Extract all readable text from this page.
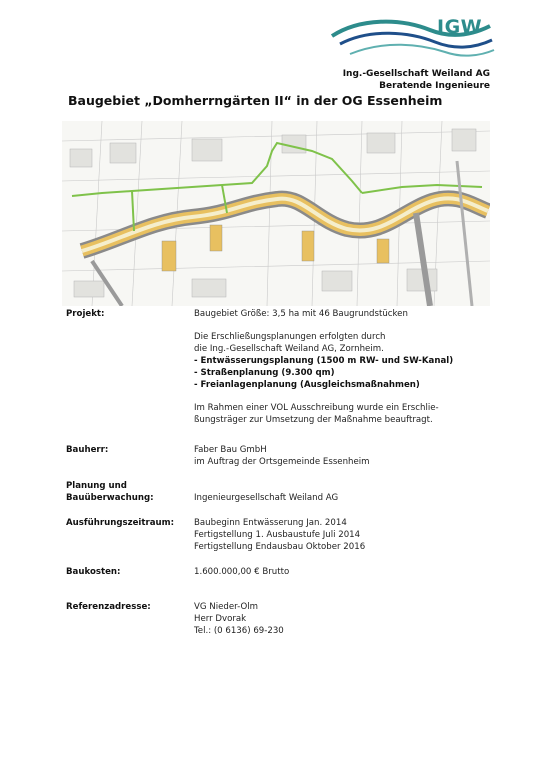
IGW
Ing.-Gesellschaft Weiland AG
Beratende Ingenieure
Baugebiet „Domherrngärten II“ in der OG Essenheim
Projekt:	Baugebiet Größe: 3,5 ha mit 46 Baugrundstücken
Die Erschließungsplanungen erfolgten durch
die Ing.-Gesellschaft Weiland AG, Zornheim.
- Entwässerungsplanung (1500 m RW- und SW-Kanal)
- Straßenplanung (9.300 qm)
- Freianlagenplanung (Ausgleichsmaßnahmen)
Im Rahmen einer VOL Ausschreibung wurde ein Erschlie-
ßungsträger zur Umsetzung der Maßnahme beauftragt.
Bauherr:	Faber Bau GmbH
im Auftrag der Ortsgemeinde Essenheim
Planung und
Bauüberwachung:	Ingenieurgesellschaft Weiland AG
Ausführungszeitraum: Baubeginn Entwässerung Jan. 2014
Fertigstellung 1. Ausbaustufe Juli 2014
Fertigstellung Endausbau Oktober 2016
Baukosten:	1.600.000,00 € Brutto
Referenzadresse:	VG Nieder-Olm
Herr Dvorak
Tel.: (0 6136) 69-230
